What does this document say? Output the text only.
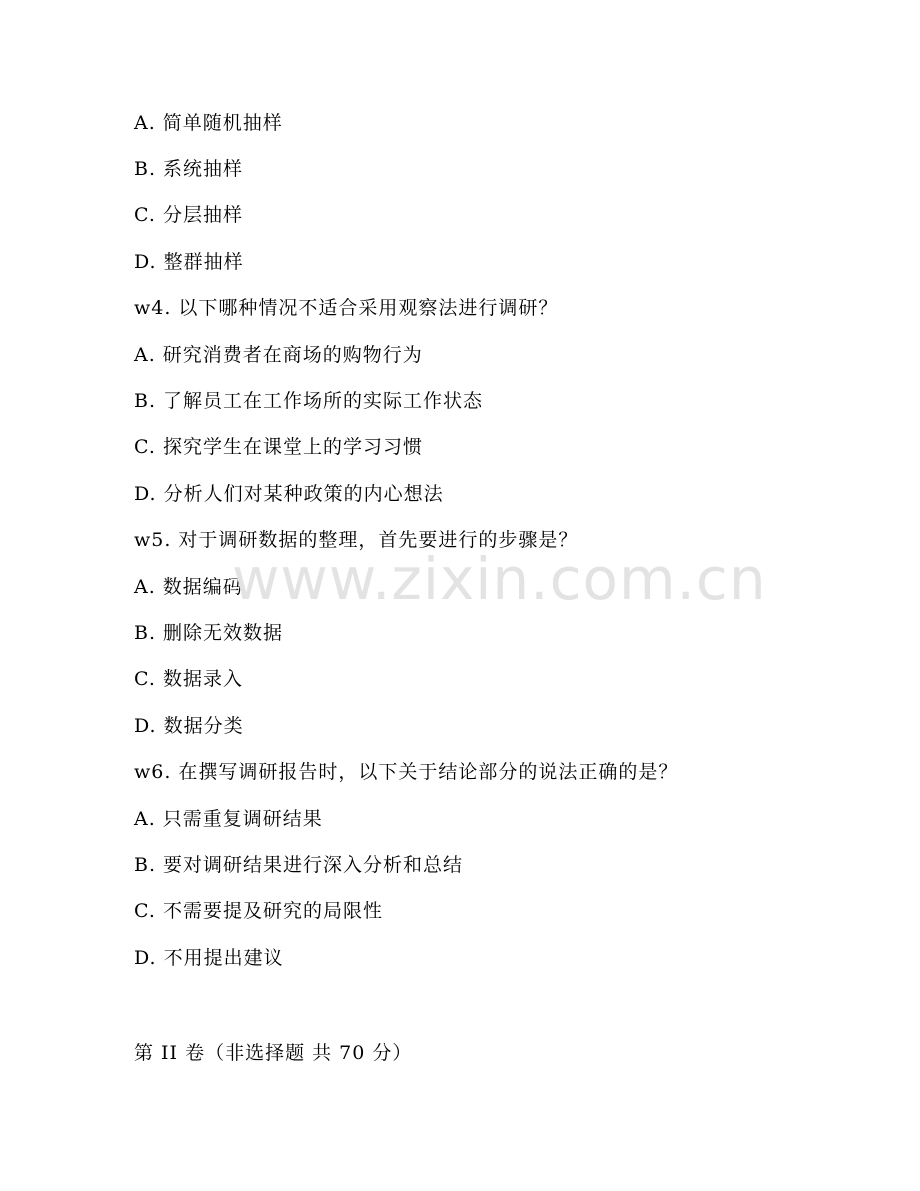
A. 简单随机抽样
B. 系统抽样
C. 分层抽样
D. 整群抽样
w4. 以下哪种情况不适合采用观察法进行调研？
A. 研究消费者在商场的购物行为
B. 了解员工在工作场所的实际工作状态
C. 探究学生在课堂上的学习习惯
D. 分析人们对某种政策的内心想法
w5. 对于调研数据的整理，首先要进行的步骤是？
A. 数据编码
B. 删除无效数据
C. 数据录入
D. 数据分类
w6. 在撰写调研报告时，以下关于结论部分的说法正确的是？
A. 只需重复调研结果
B. 要对调研结果进行深入分析和总结
C. 不需要提及研究的局限性
D. 不用提出建议
第 II 卷（非选择题 共 70 分）
www.zixin.com.cn
